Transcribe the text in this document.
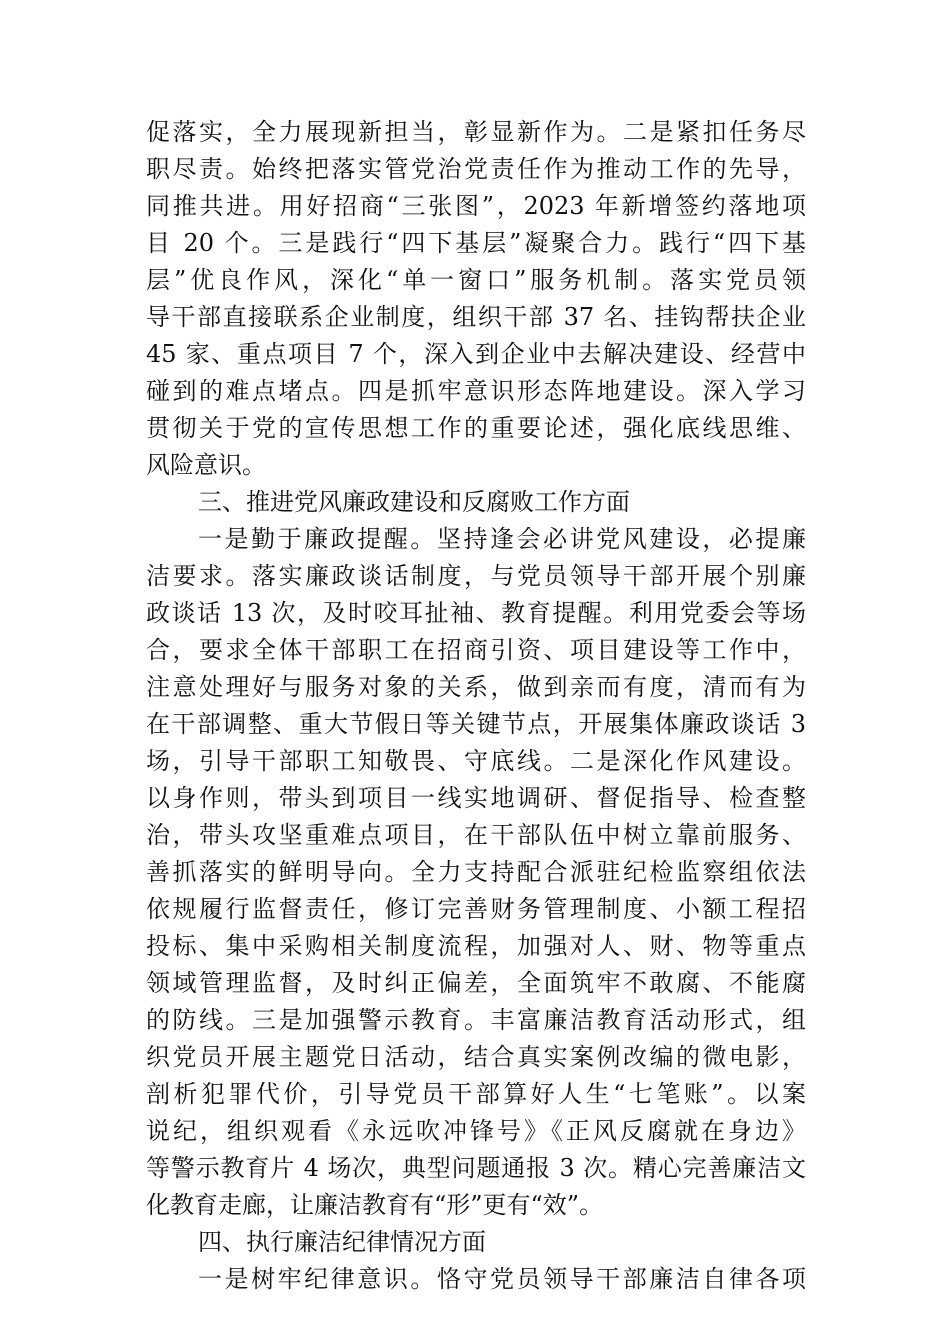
促落实，全力展现新担当，彰显新作为。二是紧扣任务尽
职尽责。始终把落实管党治党责任作为推动工作的先导，
同推共进。用好招商“三张图”，2023 年新增签约落地项
目 20 个。三是践行“四下基层”凝聚合力。践行“四下基
层”优良作风，深化“单一窗口”服务机制。落实党员领
导干部直接联系企业制度，组织干部 37 名、挂钩帮扶企业
45 家、重点项目 7 个，深入到企业中去解决建设、经营中
碰到的难点堵点。四是抓牢意识形态阵地建设。深入学习
贯彻关于党的宣传思想工作的重要论述，强化底线思维、
风险意识。
三、推进党风廉政建设和反腐败工作方面
一是勤于廉政提醒。坚持逢会必讲党风建设，必提廉
洁要求。落实廉政谈话制度，与党员领导干部开展个别廉
政谈话 13 次，及时咬耳扯袖、教育提醒。利用党委会等场
合，要求全体干部职工在招商引资、项目建设等工作中，
注意处理好与服务对象的关系，做到亲而有度，清而有为
在干部调整、重大节假日等关键节点，开展集体廉政谈话 3
场，引导干部职工知敬畏、守底线。二是深化作风建设。
以身作则，带头到项目一线实地调研、督促指导、检查整
治，带头攻坚重难点项目，在干部队伍中树立靠前服务、
善抓落实的鲜明导向。全力支持配合派驻纪检监察组依法
依规履行监督责任，修订完善财务管理制度、小额工程招
投标、集中采购相关制度流程，加强对人、财、物等重点
领域管理监督，及时纠正偏差，全面筑牢不敢腐、不能腐
的防线。三是加强警示教育。丰富廉洁教育活动形式，组
织党员开展主题党日活动，结合真实案例改编的微电影，
剖析犯罪代价，引导党员干部算好人生“七笔账”。以案
说纪，组织观看《永远吹冲锋号》《正风反腐就在身边》
等警示教育片 4 场次，典型问题通报 3 次。精心完善廉洁文
化教育走廊，让廉洁教育有“形”更有“效”。
四、执行廉洁纪律情况方面
一是树牢纪律意识。恪守党员领导干部廉洁自律各项
